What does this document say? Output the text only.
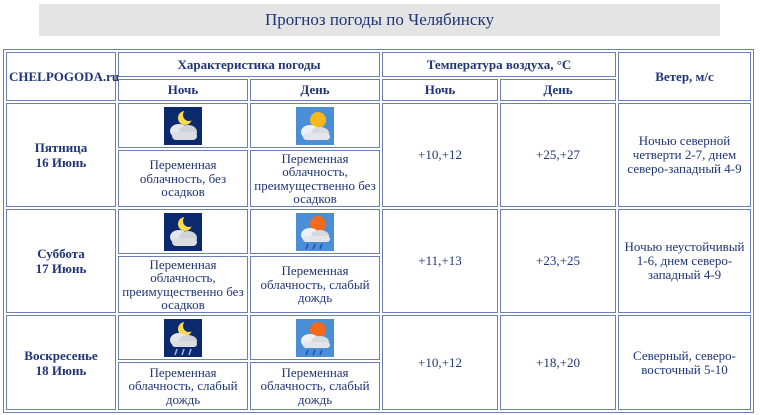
Прогноз погоды по Челябинску
CHELPOGODA.ru	Характеристика погоды		Температура воздуха, °С		Ветер, м/с
	Ночь	День	Ночь	День	

Пятница
16 Июнь			+10,+12	+25,+27	Ночью северной четверти 2-7, днем северо-западный 4-9
	Переменная облачность, без осадков	Переменная облачность, преимущественно без осадков			

Суббота
17 Июнь			+11,+13	+23,+25	Ночью неустойчивый 1-6, днем северо-западный 4-9
	Переменная облачность, преимущественно без осадков	Переменная облачность, слабый дождь			

Воскресенье
18 Июнь			+10,+12	+18,+20	Северный, северо-восточный 5-10
	Переменная облачность, слабый дождь	Переменная облачность, слабый дождь			
